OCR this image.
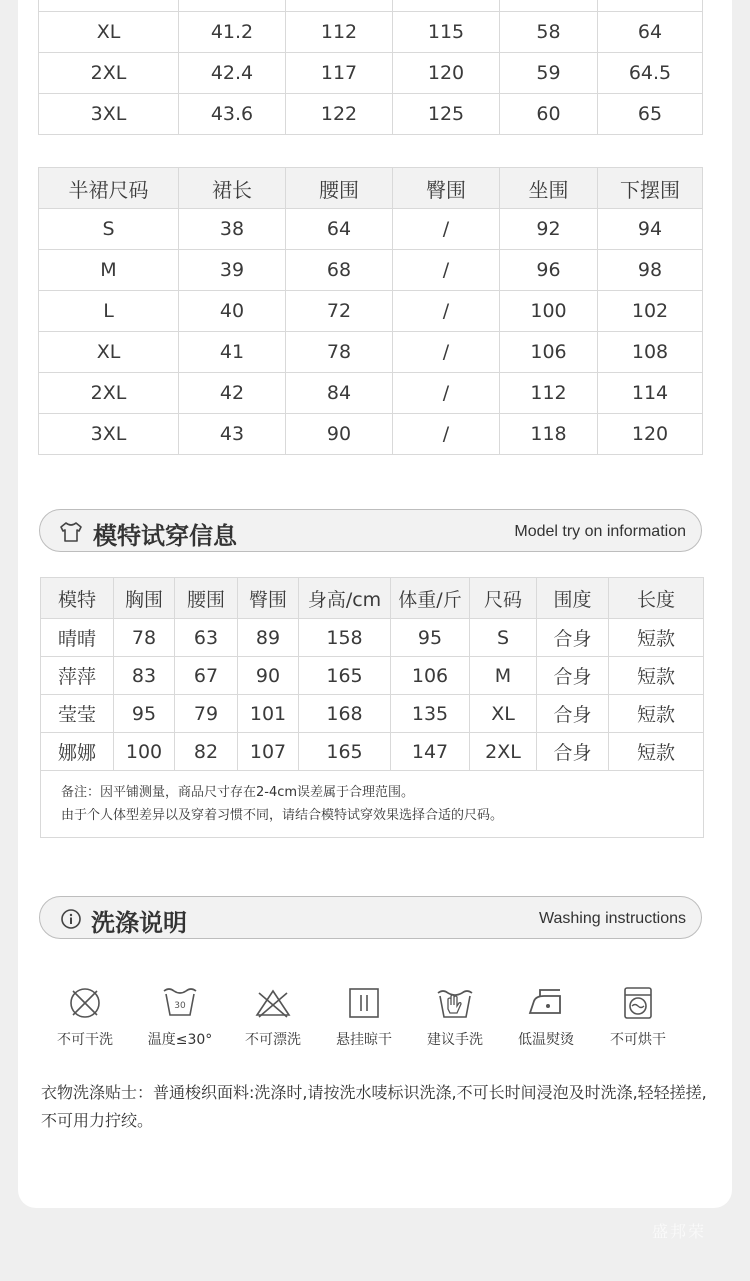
XL	41.2	112	115	58	64
2XL	42.4	117	120	59	64.5
3XL	43.6	122	125	60	65
半裙尺码	裙长	腰围	臀围	坐围	下摆围
S	38	64	/	92	94
M	39	68	/	96	98
L	40	72	/	100	102
XL	41	78	/	106	108
2XL	42	84	/	112	114
3XL	43	90	/	118	120
模特试穿信息	Model try on information
模特	胸围	腰围	臀围	身高/cm	体重/斤	尺码	围度	长度
晴晴	78	63	89	158	95	S	合身	短款
萍萍	83	67	90	165	106	M	合身	短款
莹莹	95	79	101	168	135	XL	合身	短款
娜娜	100	82	107	165	147	2XL	合身	短款

备注：因平铺测量，商品尺寸存在2-4cm误差属于合理范围。
由于个人体型差异以及穿着习惯不同，请结合模特试穿效果选择合适的尺码。								
洗涤说明	Washing instructions
不可干洗
30
温度≤30°	不可漂洗	悬挂晾干	建议手洗	低温熨烫	不可烘干
衣物洗涤贴士：普通梭织面料:洗涤时,请按洗水唛标识洗涤,不可长时间浸泡及时洗涤,轻轻搓搓,不可用力拧绞。
盛邦荣
